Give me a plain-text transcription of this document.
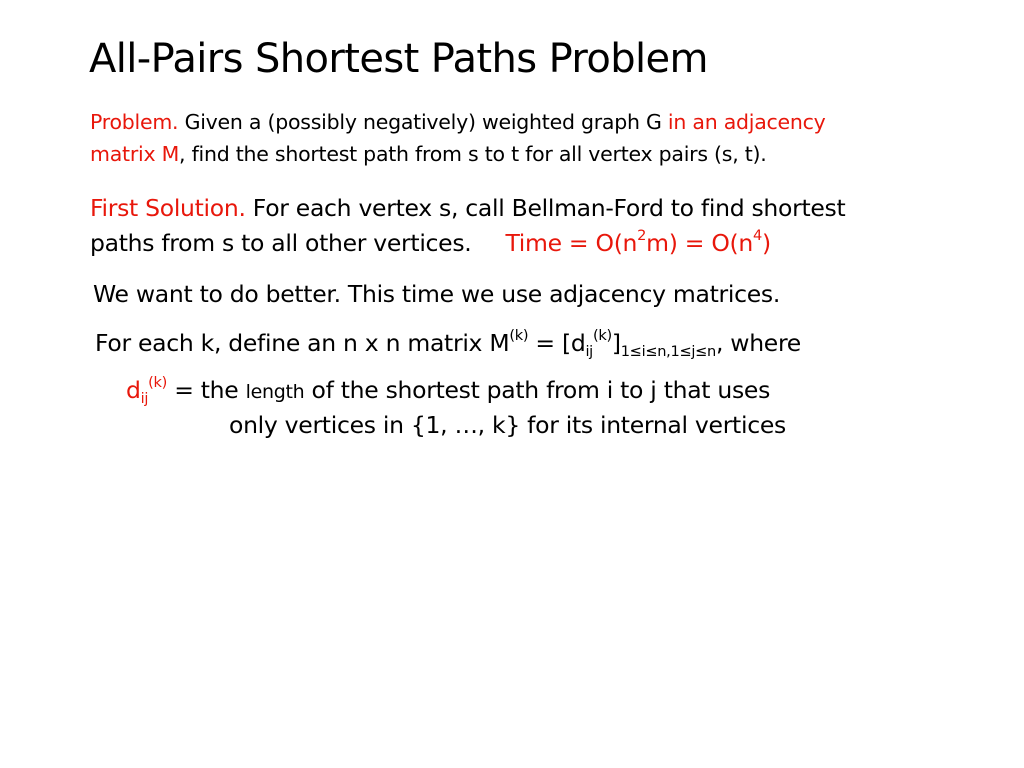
All-Pairs Shortest Paths Problem
Problem. Given a (possibly negatively) weighted graph G in an adjacency
matrix M, find the shortest path from s to t for all vertex pairs (s, t).
First Solution. For each vertex s, call Bellman-Ford to find shortest
paths from s to all other vertices. Time = $O(n^2m) = O(n^4)$
We want to do better. This time we use adjacency matrices.
For each k, define an n x n matrix $M^{(k)} = [d_{ij}^{(k)}]_{1\le i\le n,1\le j\le n}$, where
$d_{ij}^{(k)}$ = the length of the shortest path from i to j that uses
only vertices in {1, …, k} for its internal vertices
